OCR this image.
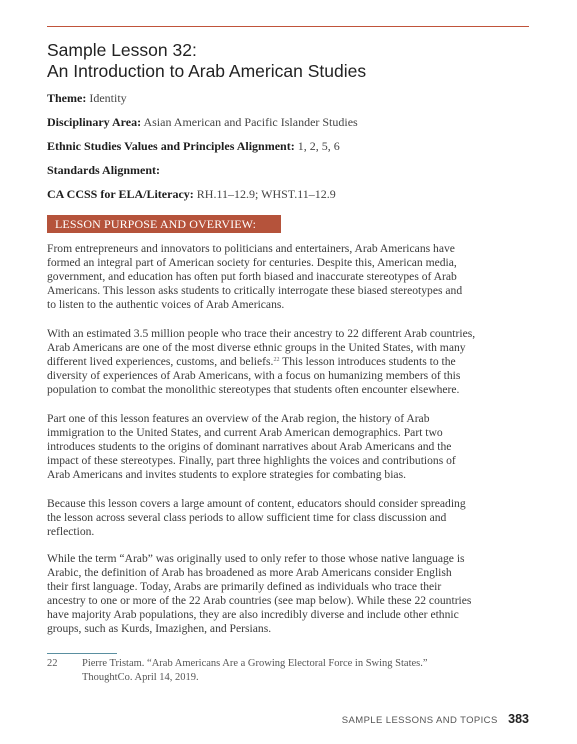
Sample Lesson 32:
An Introduction to Arab American Studies
Theme: Identity
Disciplinary Area: Asian American and Pacific Islander Studies
Ethnic Studies Values and Principles Alignment: 1, 2, 5, 6
Standards Alignment:
CA CCSS for ELA/Literacy: RH.11–12.9; WHST.11–12.9
LESSON PURPOSE AND OVERVIEW:
From entrepreneurs and innovators to politicians and entertainers, Arab Americans have
formed an integral part of American society for centuries. Despite this, American media,
government, and education has often put forth biased and inaccurate stereotypes of Arab
Americans. This lesson asks students to critically interrogate these biased stereotypes and
to listen to the authentic voices of Arab Americans.
With an estimated 3.5 million people who trace their ancestry to 22 different Arab countries,
Arab Americans are one of the most diverse ethnic groups in the United States, with many
different lived experiences, customs, and beliefs.$^{22}$ This lesson introduces students to the
diversity of experiences of Arab Americans, with a focus on humanizing members of this
population to combat the monolithic stereotypes that students often encounter elsewhere.
Part one of this lesson features an overview of the Arab region, the history of Arab
immigration to the United States, and current Arab American demographics. Part two
introduces students to the origins of dominant narratives about Arab Americans and the
impact of these stereotypes. Finally, part three highlights the voices and contributions of
Arab Americans and invites students to explore strategies for combating bias.
Because this lesson covers a large amount of content, educators should consider spreading
the lesson across several class periods to allow sufficient time for class discussion and
reflection.
While the term “Arab” was originally used to only refer to those whose native language is
Arabic, the definition of Arab has broadened as more Arab Americans consider English
their first language. Today, Arabs are primarily defined as individuals who trace their
ancestry to one or more of the 22 Arab countries (see map below). While these 22 countries
have majority Arab populations, they are also incredibly diverse and include other ethnic
groups, such as Kurds, Imazighen, and Persians.
22 Pierre Tristam. “Arab Americans Are a Growing Electoral Force in Swing States.”
ThoughtCo. April 14, 2019.
SAMPLE LESSONS AND TOPICS 383
